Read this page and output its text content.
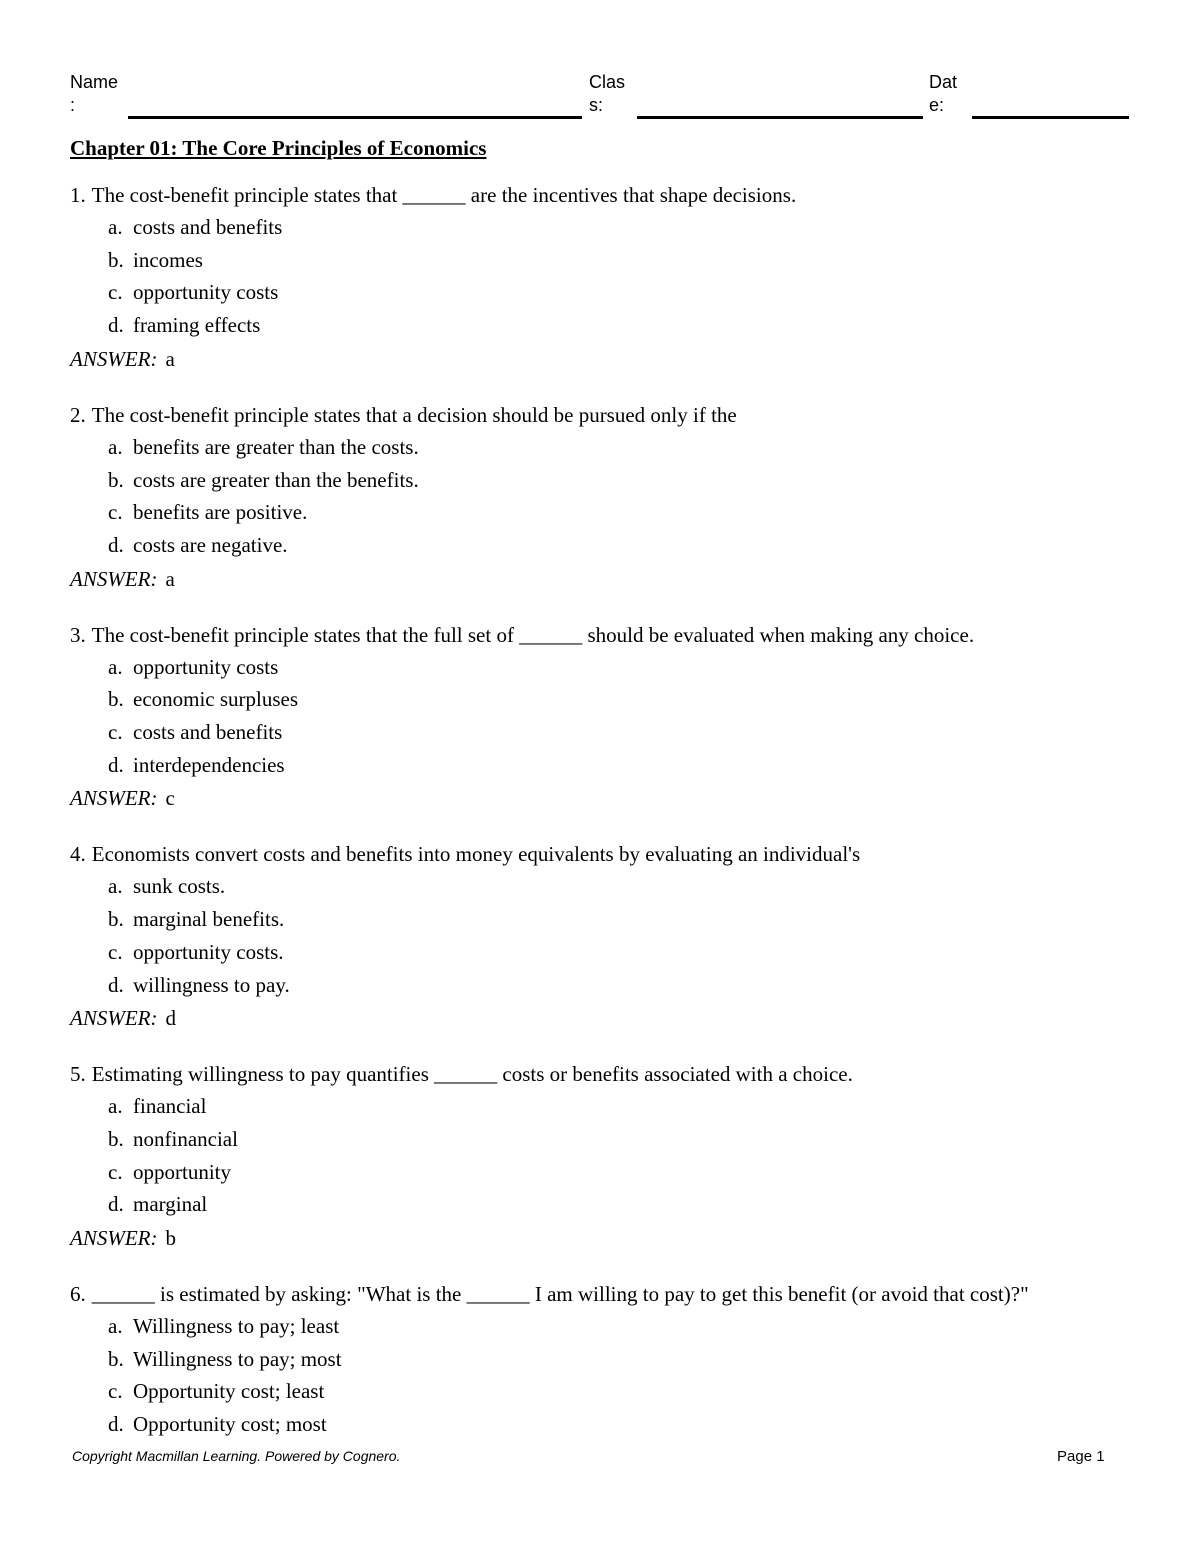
Name
:
Clas
s:
Dat
e:
Chapter 01: The Core Principles of Economics
1. The cost-benefit principle states that ______ are the incentives that shape decisions.
a. costs and benefits
b. incomes
c. opportunity costs
d. framing effects
ANSWER: a
2. The cost-benefit principle states that a decision should be pursued only if the
a. benefits are greater than the costs.
b. costs are greater than the benefits.
c. benefits are positive.
d. costs are negative.
ANSWER: a
3. The cost-benefit principle states that the full set of ______ should be evaluated when making any choice.
a. opportunity costs
b. economic surpluses
c. costs and benefits
d. interdependencies
ANSWER: c
4. Economists convert costs and benefits into money equivalents by evaluating an individual's
a. sunk costs.
b. marginal benefits.
c. opportunity costs.
d. willingness to pay.
ANSWER: d
5. Estimating willingness to pay quantifies ______ costs or benefits associated with a choice.
a. financial
b. nonfinancial
c. opportunity
d. marginal
ANSWER: b
6. ______ is estimated by asking: "What is the ______ I am willing to pay to get this benefit (or avoid that cost)?"
a. Willingness to pay; least
b. Willingness to pay; most
c. Opportunity cost; least
d. Opportunity cost; most
Copyright Macmillan Learning. Powered by Cognero.	Page 1
